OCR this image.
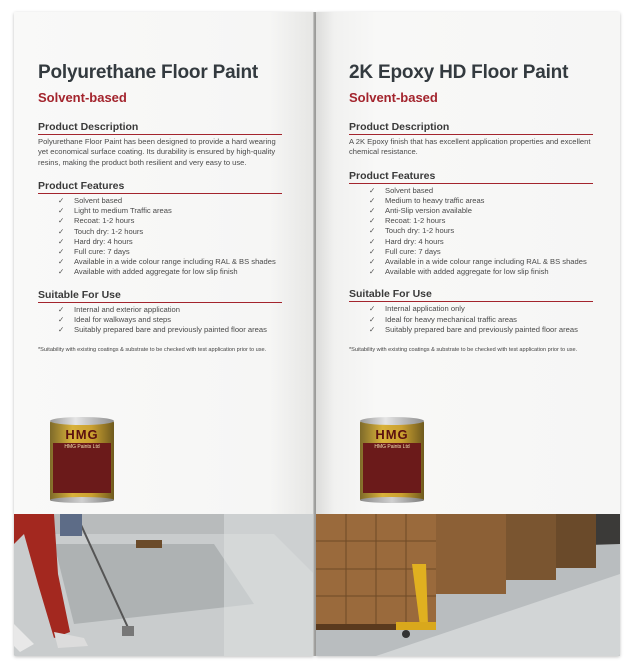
Polyurethane Floor Paint
Solvent-based
Product Description

Polyurethane Floor Paint has been designed to provide a hard wearing yet economical surface coating. Its durability is ensured by high-quality resins, making the product both resilient and very easy to use.

Product Features
✓ Solvent based
✓ Light to medium Traffic areas
✓ Recoat: 1-2 hours
✓ Touch dry: 1-2 hours
✓ Hard dry: 4 hours
✓ Full cure: 7 days
✓ Available in a wide colour range including RAL & BS shades
✓ Available with added aggregate for low slip finish
Suitable For Use
✓ Internal and exterior application
✓ Ideal for walkways and steps
✓ Suitably prepared bare and previously painted floor areas
*Suitability with existing coatings & substrate to be checked with test application prior to use.
HMG
HMG Paints Ltd
2K Epoxy HD Floor Paint
Solvent-based
Product Description

A 2K Epoxy finish that has excellent application properties and excellent chemical resistance.

Product Features
✓ Solvent based
✓ Medium to heavy traffic areas
✓ Anti-Slip version available
✓ Recoat: 1-2 hours
✓ Touch dry: 1-2 hours
✓ Hard dry: 4 hours
✓ Full cure: 7 days
✓ Available in a wide colour range including RAL & BS shades
✓ Available with added aggregate for low slip finish
Suitable For Use
✓ Internal application only
✓ Ideal for heavy mechanical traffic areas
✓ Suitably prepared bare and previously painted floor areas
*Suitability with existing coatings & substrate to be checked with test application prior to use.
HMG
HMG Paints Ltd
